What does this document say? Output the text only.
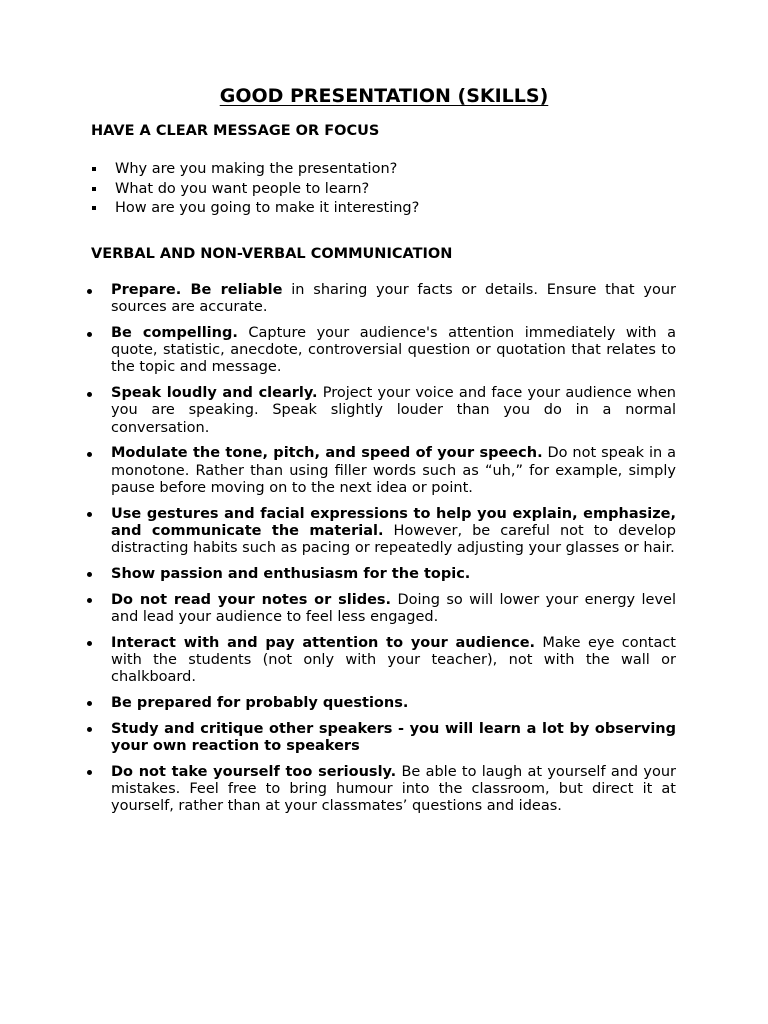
GOOD PRESENTATION (SKILLS)
HAVE A CLEAR MESSAGE OR FOCUS
Why are you making the presentation?
What do you want people to learn?
How are you going to make it interesting?
VERBAL AND NON-VERBAL COMMUNICATION
Prepare. Be reliable in sharing your facts or details. Ensure that your sources are accurate.
Be compelling. Capture your audience's attention immediately with a quote, statistic, anecdote, controversial question or quotation that relates to the topic and message.
Speak loudly and clearly. Project your voice and face your audience when you are speaking. Speak slightly louder than you do in a normal conversation.
Modulate the tone, pitch, and speed of your speech. Do not speak in a monotone. Rather than using filler words such as “uh,” for example, simply pause before moving on to the next idea or point.
Use gestures and facial expressions to help you explain, emphasize, and communicate the material. However, be careful not to develop distracting habits such as pacing or repeatedly adjusting your glasses or hair.
Show passion and enthusiasm for the topic.
Do not read your notes or slides. Doing so will lower your energy level and lead your audience to feel less engaged.
Interact with and pay attention to your audience. Make eye contact with the students (not only with your teacher), not with the wall or chalkboard.
Be prepared for probably questions.
Study and critique other speakers - you will learn a lot by observing your own reaction to speakers
Do not take yourself too seriously. Be able to laugh at yourself and your mistakes. Feel free to bring humour into the classroom, but direct it at yourself, rather than at your classmates’ questions and ideas.
